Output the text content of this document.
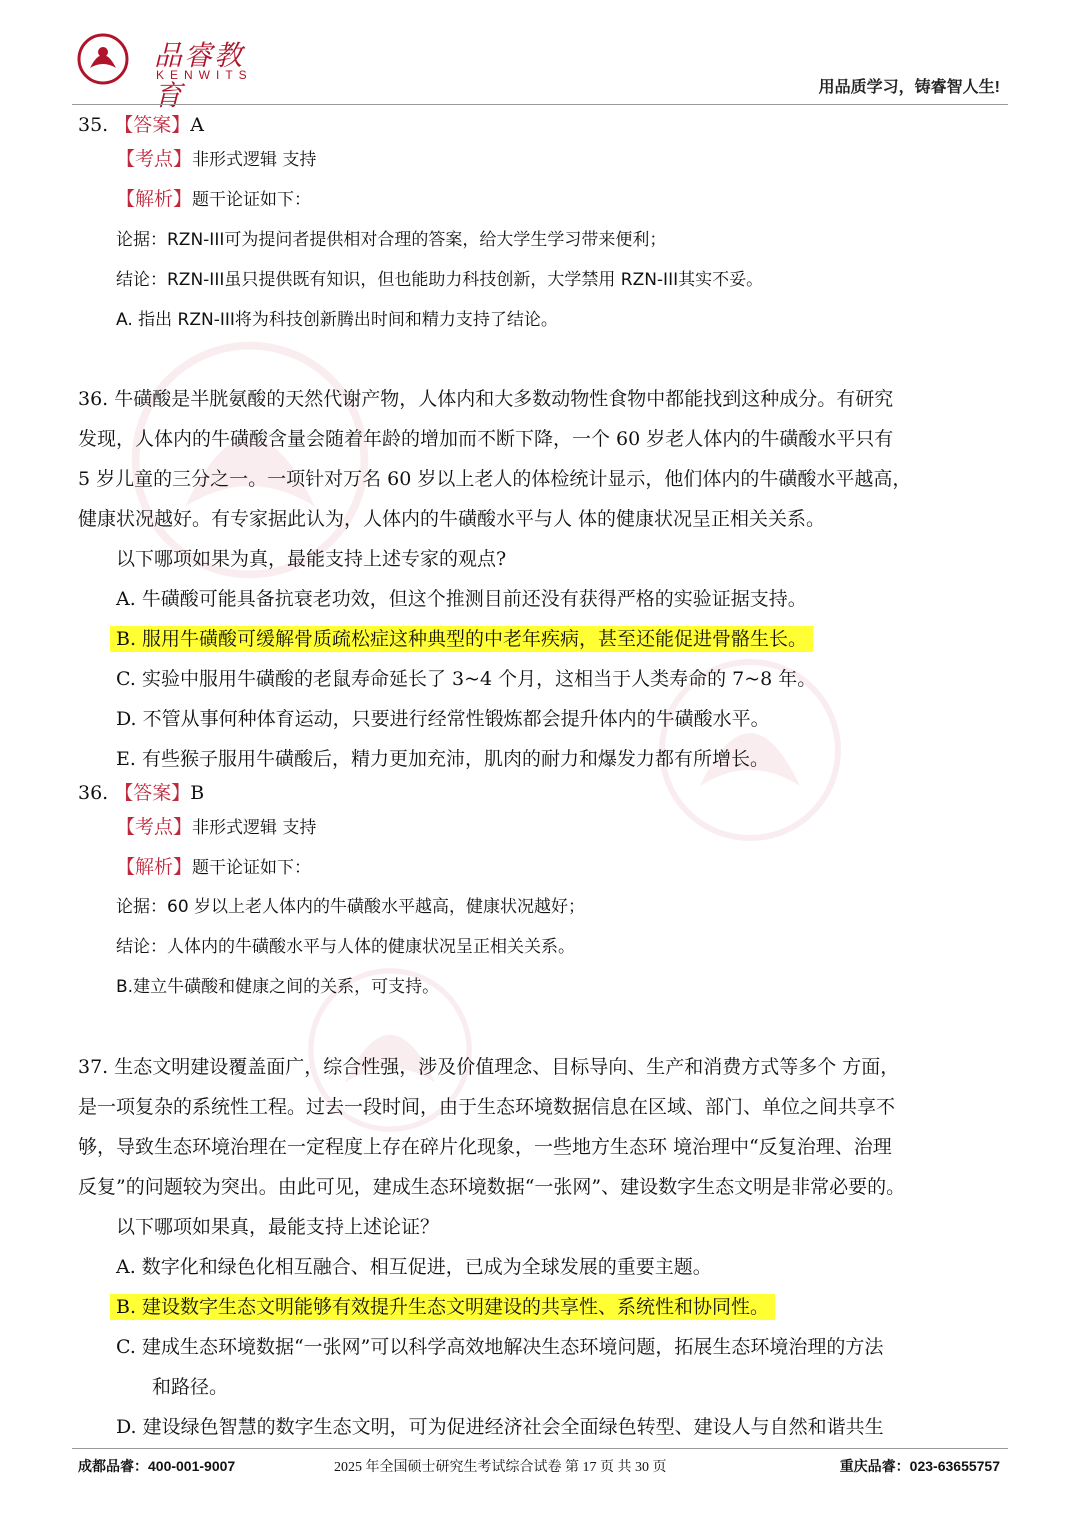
品睿教育
KENWITS
用品质学习，铸睿智人生!
35. 【答案】A
【考点】非形式逻辑 支持
【解析】题干论证如下：
论据：RZN-III可为提问者提供相对合理的答案，给大学生学习带来便利；
结论：RZN-III虽只提供既有知识，但也能助力科技创新，大学禁用 RZN-III其实不妥。
A. 指出 RZN-III将为科技创新腾出时间和精力支持了结论。
36. 牛磺酸是半胱氨酸的天然代谢产物，人体内和大多数动物性食物中都能找到这种成分。有研究
发现，人体内的牛磺酸含量会随着年龄的增加而不断下降，一个 60 岁老人体内的牛磺酸水平只有
5 岁儿童的三分之一。一项针对万名 60 岁以上老人的体检统计显示，他们体内的牛磺酸水平越高，
健康状况越好。有专家据此认为，人体内的牛磺酸水平与人 体的健康状况呈正相关关系。
以下哪项如果为真，最能支持上述专家的观点?
A. 牛磺酸可能具备抗衰老功效，但这个推测目前还没有获得严格的实验证据支持。
B. 服用牛磺酸可缓解骨质疏松症这种典型的中老年疾病，甚至还能促进骨骼生长。
C. 实验中服用牛磺酸的老鼠寿命延长了 3~4 个月，这相当于人类寿命的 7~8 年。
D. 不管从事何种体育运动，只要进行经常性锻炼都会提升体内的牛磺酸水平。
E. 有些猴子服用牛磺酸后，精力更加充沛，肌肉的耐力和爆发力都有所增长。
36. 【答案】B
【考点】非形式逻辑 支持
【解析】题干论证如下：
论据：60 岁以上老人体内的牛磺酸水平越高，健康状况越好；
结论：人体内的牛磺酸水平与人体的健康状况呈正相关关系。
B.建立牛磺酸和健康之间的关系，可支持。
37. 生态文明建设覆盖面广，综合性强，涉及价值理念、目标导向、生产和消费方式等多个 方面，
是一项复杂的系统性工程。过去一段时间，由于生态环境数据信息在区域、部门、单位之间共享不
够，导致生态环境治理在一定程度上存在碎片化现象，一些地方生态环 境治理中“反复治理、治理
反复”的问题较为突出。由此可见，建成生态环境数据“一张网”、建设数字生态文明是非常必要的。
以下哪项如果真，最能支持上述论证？
A. 数字化和绿色化相互融合、相互促进，已成为全球发展的重要主题。
B. 建设数字生态文明能够有效提升生态文明建设的共享性、系统性和协同性。
C. 建成生态环境数据“一张网”可以科学高效地解决生态环境问题，拓展生态环境治理的方法
和路径。
D. 建设绿色智慧的数字生态文明，可为促进经济社会全面绿色转型、建设人与自然和谐共生
成都品睿：400-001-9007	2025 年全国硕士研究生考试综合试卷 第 17 页 共 30 页	重庆品睿：023-63655757
